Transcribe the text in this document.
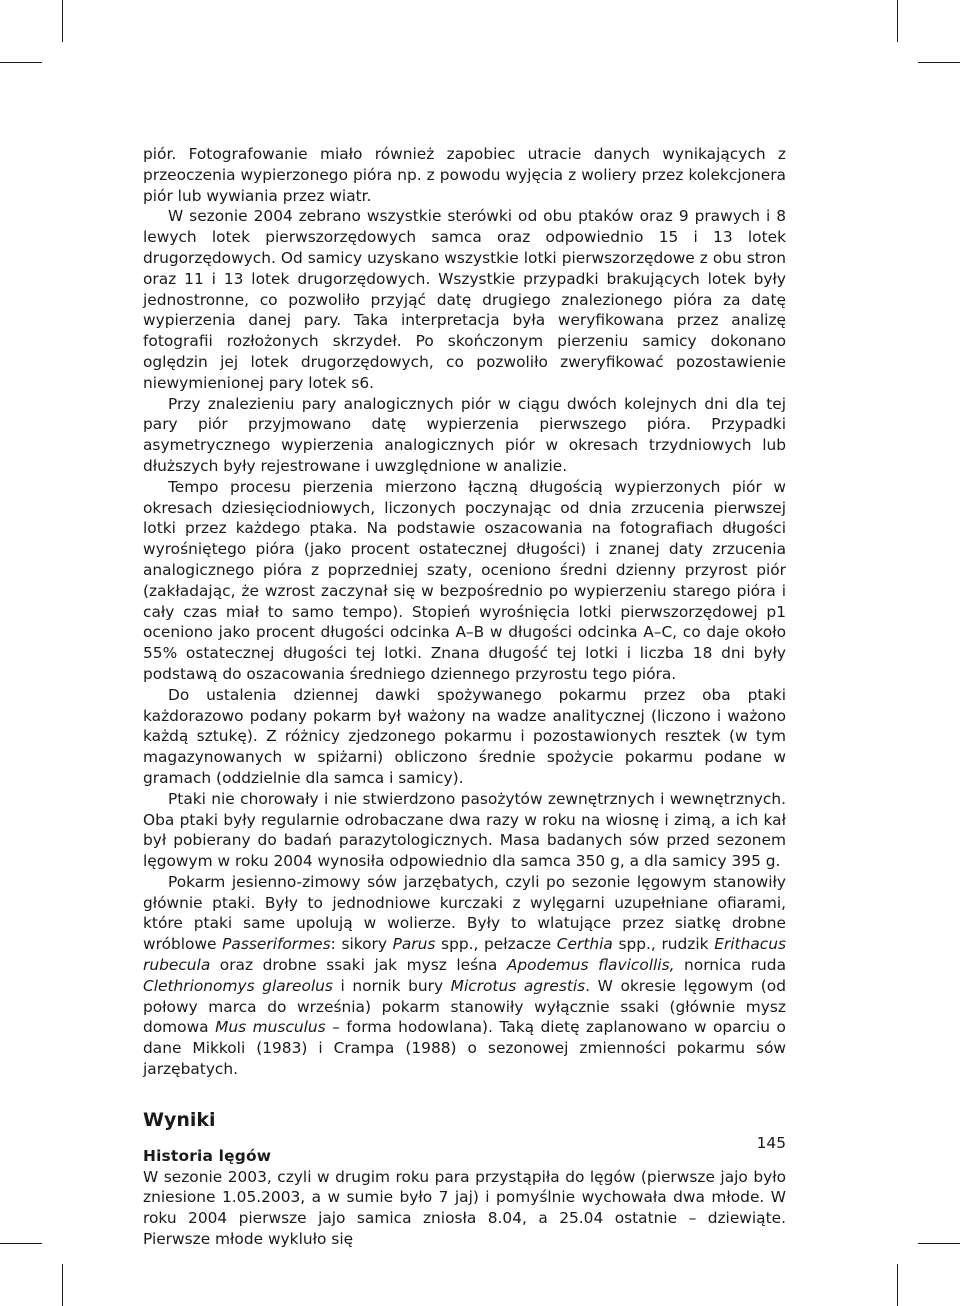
piór. Fotografowanie miało również zapobiec utracie danych wynikających z przeoczenia wypierzonego pióra np. z powodu wyjęcia z woliery przez kolekcjonera piór lub wywiania przez wiatr.

W sezonie 2004 zebrano wszystkie sterówki od obu ptaków oraz 9 prawych i 8 lewych lotek pierwszorzędowych samca oraz odpowiednio 15 i 13 lotek drugorzędowych. Od samicy uzyskano wszystkie lotki pierwszorzędowe z obu stron oraz 11 i 13 lotek drugorzędowych. Wszystkie przypadki brakujących lotek były jednostronne, co pozwoliło przyjąć datę drugiego znalezionego pióra za datę wypierzenia danej pary. Taka interpretacja była weryfikowana przez analizę fotografii rozłożonych skrzydeł. Po skończonym pierzeniu samicy dokonano oględzin jej lotek drugorzędowych, co pozwoliło zweryfikować pozostawienie niewymienionej pary lotek s6.

Przy znalezieniu pary analogicznych piór w ciągu dwóch kolejnych dni dla tej pary piór przyjmowano datę wypierzenia pierwszego pióra. Przypadki asymetrycznego wypierzenia analogicznych piór w okresach trzydniowych lub dłuższych były rejestrowane i uwzględnione w analizie.

Tempo procesu pierzenia mierzono łączną długością wypierzonych piór w okresach dziesięciodniowych, liczonych poczynając od dnia zrzucenia pierwszej lotki przez każdego ptaka. Na podstawie oszacowania na fotografiach długości wyrośniętego pióra (jako procent ostatecznej długości) i znanej daty zrzucenia analogicznego pióra z poprzedniej szaty, oceniono średni dzienny przyrost piór (zakładając, że wzrost zaczynał się w bezpośrednio po wypierzeniu starego pióra i cały czas miał to samo tempo). Stopień wyrośnięcia lotki pierwszorzędowej p1 oceniono jako procent długości odcinka A–B w długości odcinka A–C, co daje około 55% ostatecznej długości tej lotki. Znana długość tej lotki i liczba 18 dni były podstawą do oszacowania średniego dziennego przyrostu tego pióra.

Do ustalenia dziennej dawki spożywanego pokarmu przez oba ptaki każdorazowo podany pokarm był ważony na wadze analitycznej (liczono i ważono każdą sztukę). Z różnicy zjedzonego pokarmu i pozostawionych resztek (w tym magazynowanych w spiżarni) obliczono średnie spożycie pokarmu podane w gramach (oddzielnie dla samca i samicy).

Ptaki nie chorowały i nie stwierdzono pasożytów zewnętrznych i wewnętrznych. Oba ptaki były regularnie odrobaczane dwa razy w roku na wiosnę i zimą, a ich kał był pobierany do badań parazytologicznych. Masa badanych sów przed sezonem lęgowym w roku 2004 wynosiła odpowiednio dla samca 350 g, a dla samicy 395 g.

Pokarm jesienno-zimowy sów jarzębatych, czyli po sezonie lęgowym stanowiły głównie ptaki. Były to jednodniowe kurczaki z wylęgarni uzupełniane ofiarami, które ptaki same upolują w wolierze. Były to wlatujące przez siatkę drobne wróblowe Passeriformes: sikory Parus spp., pełzacze Certhia spp., rudzik Erithacus rubecula oraz drobne ssaki jak mysz leśna Apodemus flavicollis, nornica ruda Clethrionomys glareolus i nornik bury Microtus agrestis. W okresie lęgowym (od połowy marca do września) pokarm stanowiły wyłącznie ssaki (głównie mysz domowa Mus musculus – forma hodowlana). Taką dietę zaplanowano w oparciu o dane Mikkoli (1983) i Crampa (1988) o sezonowej zmienności pokarmu sów jarzębatych.

Wyniki
Historia lęgów

W sezonie 2003, czyli w drugim roku para przystąpiła do lęgów (pierwsze jajo było zniesione 1.05.2003, a w sumie było 7 jaj) i pomyślnie wychowała dwa młode. W roku 2004 pierwsze jajo samica zniosła 8.04, a 25.04 ostatnie – dziewiąte. Pierwsze młode wykluło się

145
